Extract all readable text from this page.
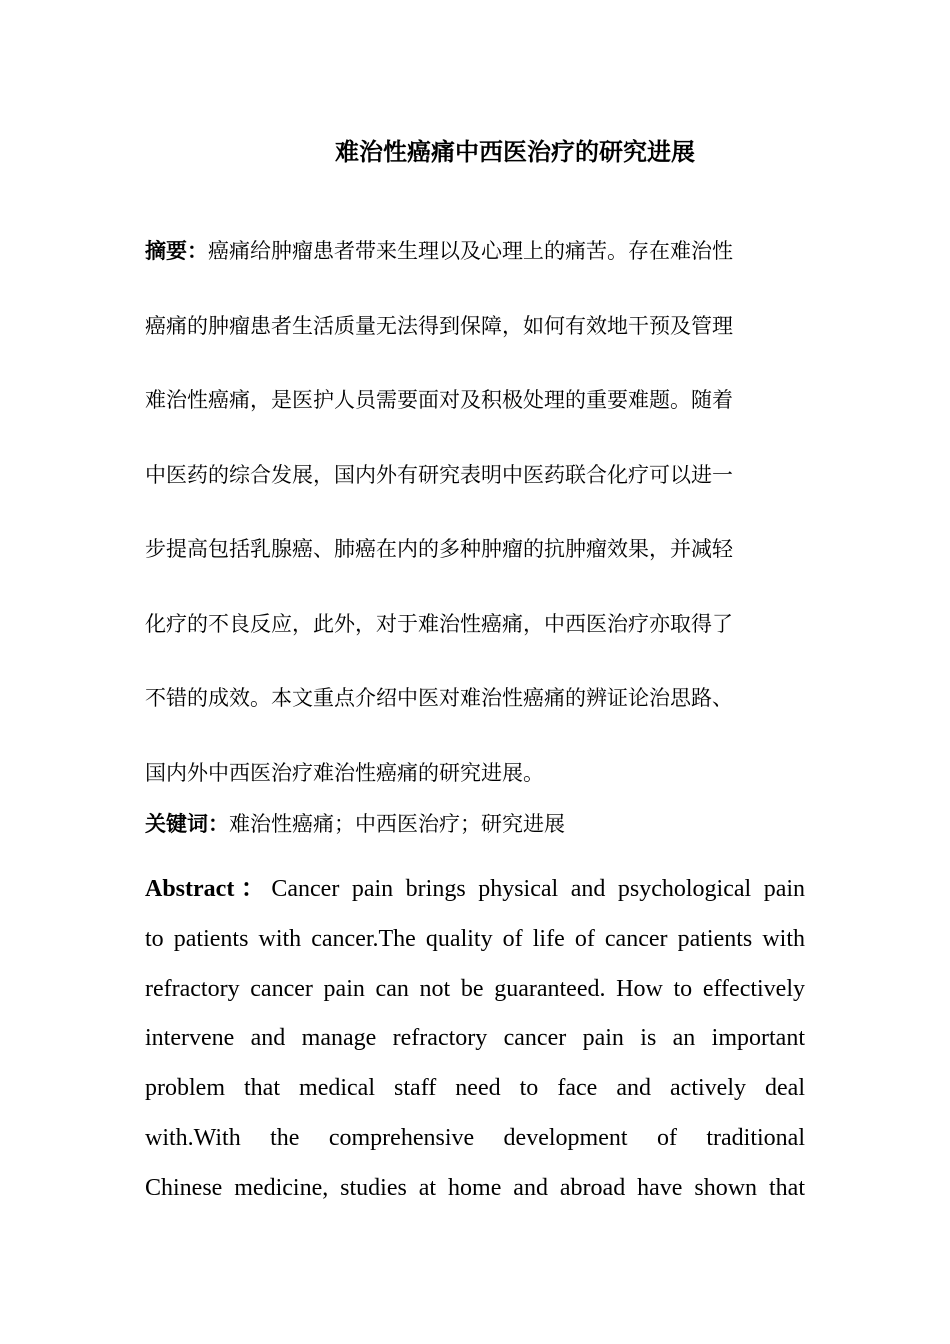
难治性癌痛中西医治疗的研究进展
摘要：癌痛给肿瘤患者带来生理以及心理上的痛苦。存在难治性
癌痛的肿瘤患者生活质量无法得到保障，如何有效地干预及管理
难治性癌痛，是医护人员需要面对及积极处理的重要难题。随着
中医药的综合发展，国内外有研究表明中医药联合化疗可以进一
步提高包括乳腺癌、肺癌在内的多种肿瘤的抗肿瘤效果，并减轻
化疗的不良反应，此外，对于难治性癌痛，中西医治疗亦取得了
不错的成效。本文重点介绍中医对难治性癌痛的辨证论治思路、
国内外中西医治疗难治性癌痛的研究进展。

关键词：难治性癌痛；中西医治疗；研究进展

Abstract：Cancer pain brings physical and psychological pain
to patients with cancer.The quality of life of cancer patients with
refractory cancer pain can not be guaranteed. How to effectively
intervene and manage refractory cancer pain is an important
problem that medical staff need to face and actively deal
with.With the comprehensive development of traditional
Chinese medicine, studies at home and abroad have shown that
